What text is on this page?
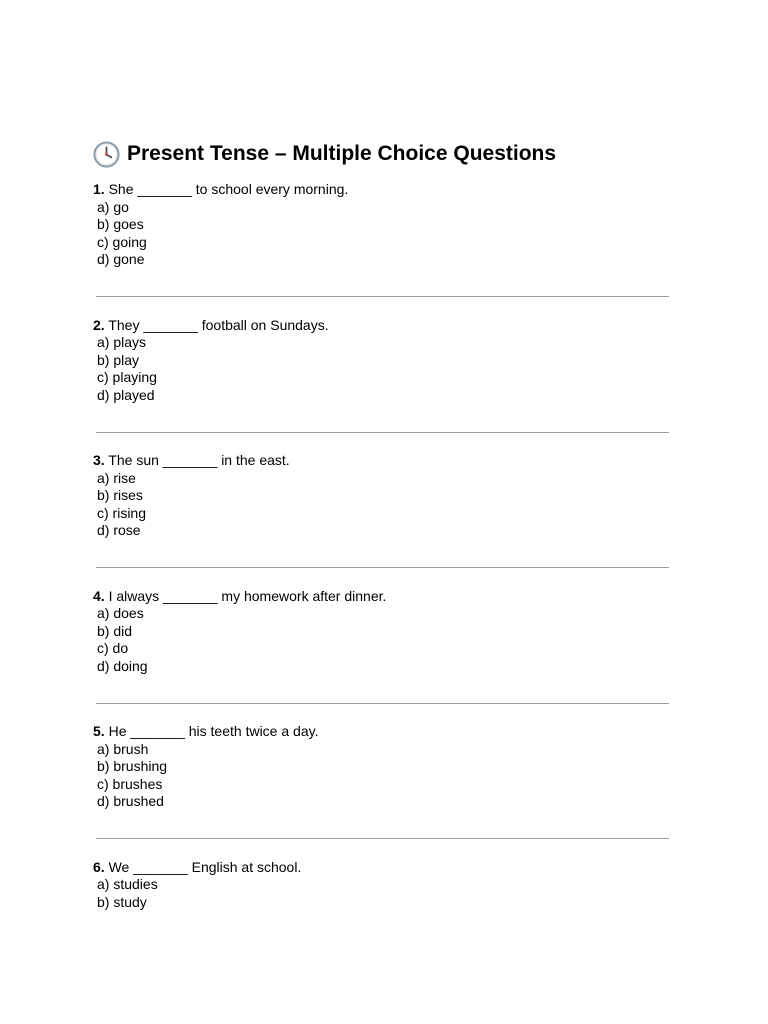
Present Tense – Multiple Choice Questions

1. She _______ to school every morning.

a) go
b) goes
c) going
d) gone

2. They _______ football on Sundays.

a) plays
b) play
c) playing
d) played

3. The sun _______ in the east.

a) rise
b) rises
c) rising
d) rose

4. I always _______ my homework after dinner.

a) does
b) did
c) do
d) doing

5. He _______ his teeth twice a day.

a) brush
b) brushing
c) brushes
d) brushed

6. We _______ English at school.

a) studies
b) study
